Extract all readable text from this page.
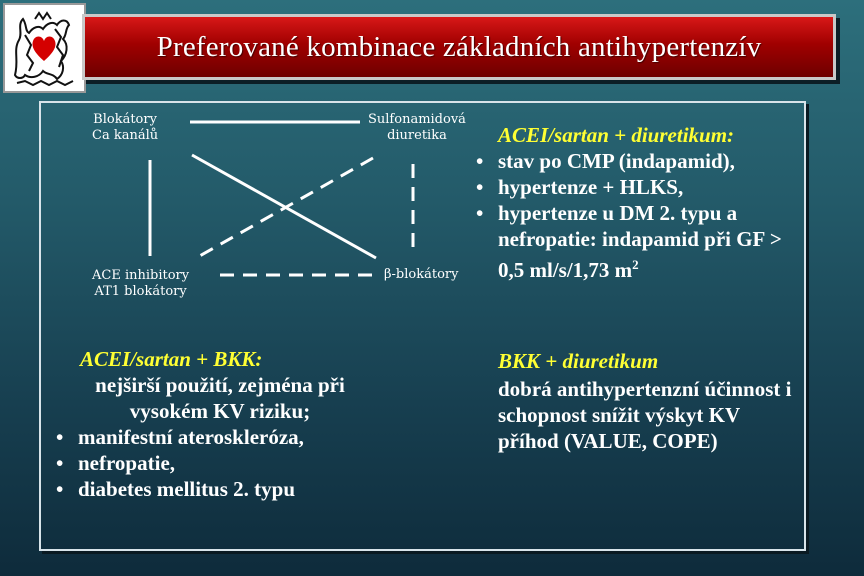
Preferované kombinace základních antihypertenzív
Blokátory
Ca kanálů
Sulfonamidová
diuretika
ACE inhibitory
AT1 blokátory
β-blokátory
ACEI/sartan + diuretikum:
• stav po CMP (indapamid),
• hypertenze + HLKS,
• hypertenze u DM 2. typu a nefropatie: indapamid při GF > 0,5 ml/s/1,73 $m^2$
ACEI/sartan + BKK:
nejširší použití, zejména při vysokém KV riziku;
• manifestní ateroskleróza,
• nefropatie,
• diabetes mellitus 2. typu
BKK + diuretikum
dobrá antihypertenzní účinnost i schopnost snížit výskyt KV příhod (VALUE, COPE)
